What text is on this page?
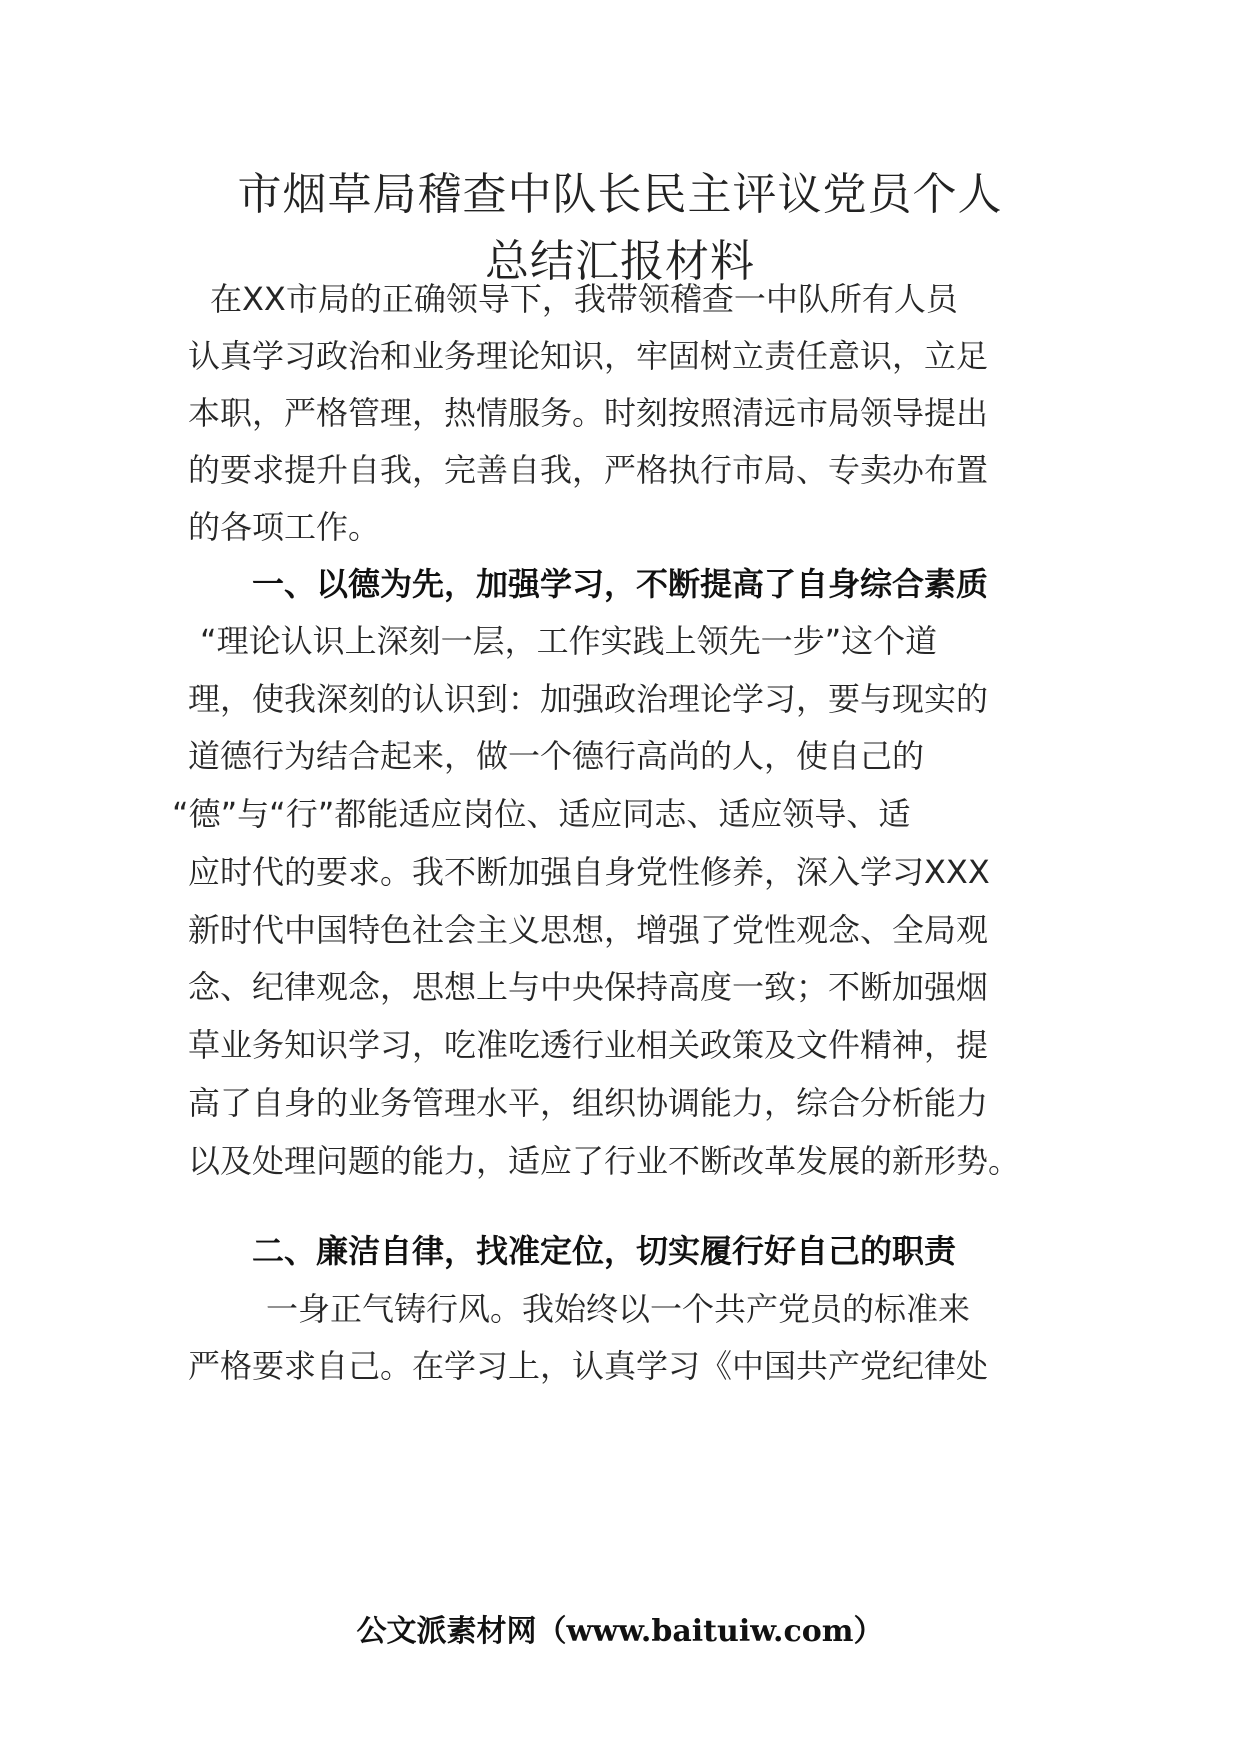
市烟草局稽查中队长民主评议党员个人
总结汇报材料
在XX市局的正确领导下，我带领稽查一中队所有人员
认真学习政治和业务理论知识，牢固树立责任意识，立足
本职，严格管理，热情服务。时刻按照清远市局领导提出
的要求提升自我，完善自我，严格执行市局、专卖办布置
的各项工作。
一、以德为先，加强学习，不断提高了自身综合素质
“理论认识上深刻一层，工作实践上领先一步”这个道
理，使我深刻的认识到：加强政治理论学习，要与现实的
道德行为结合起来，做一个德行高尚的人，使自己的
“德”与“行”都能适应岗位、适应同志、适应领导、适
应时代的要求。我不断加强自身党性修养，深入学习XXX
新时代中国特色社会主义思想，增强了党性观念、全局观
念、纪律观念，思想上与中央保持高度一致；不断加强烟
草业务知识学习，吃准吃透行业相关政策及文件精神，提
高了自身的业务管理水平，组织协调能力，综合分析能力
以及处理问题的能力，适应了行业不断改革发展的新形势。
二、廉洁自律，找准定位，切实履行好自己的职责
一身正气铸行风。我始终以一个共产党员的标准来
严格要求自己。在学习上，认真学习《中国共产党纪律处
公文派素材网（www.baituiw.com）
